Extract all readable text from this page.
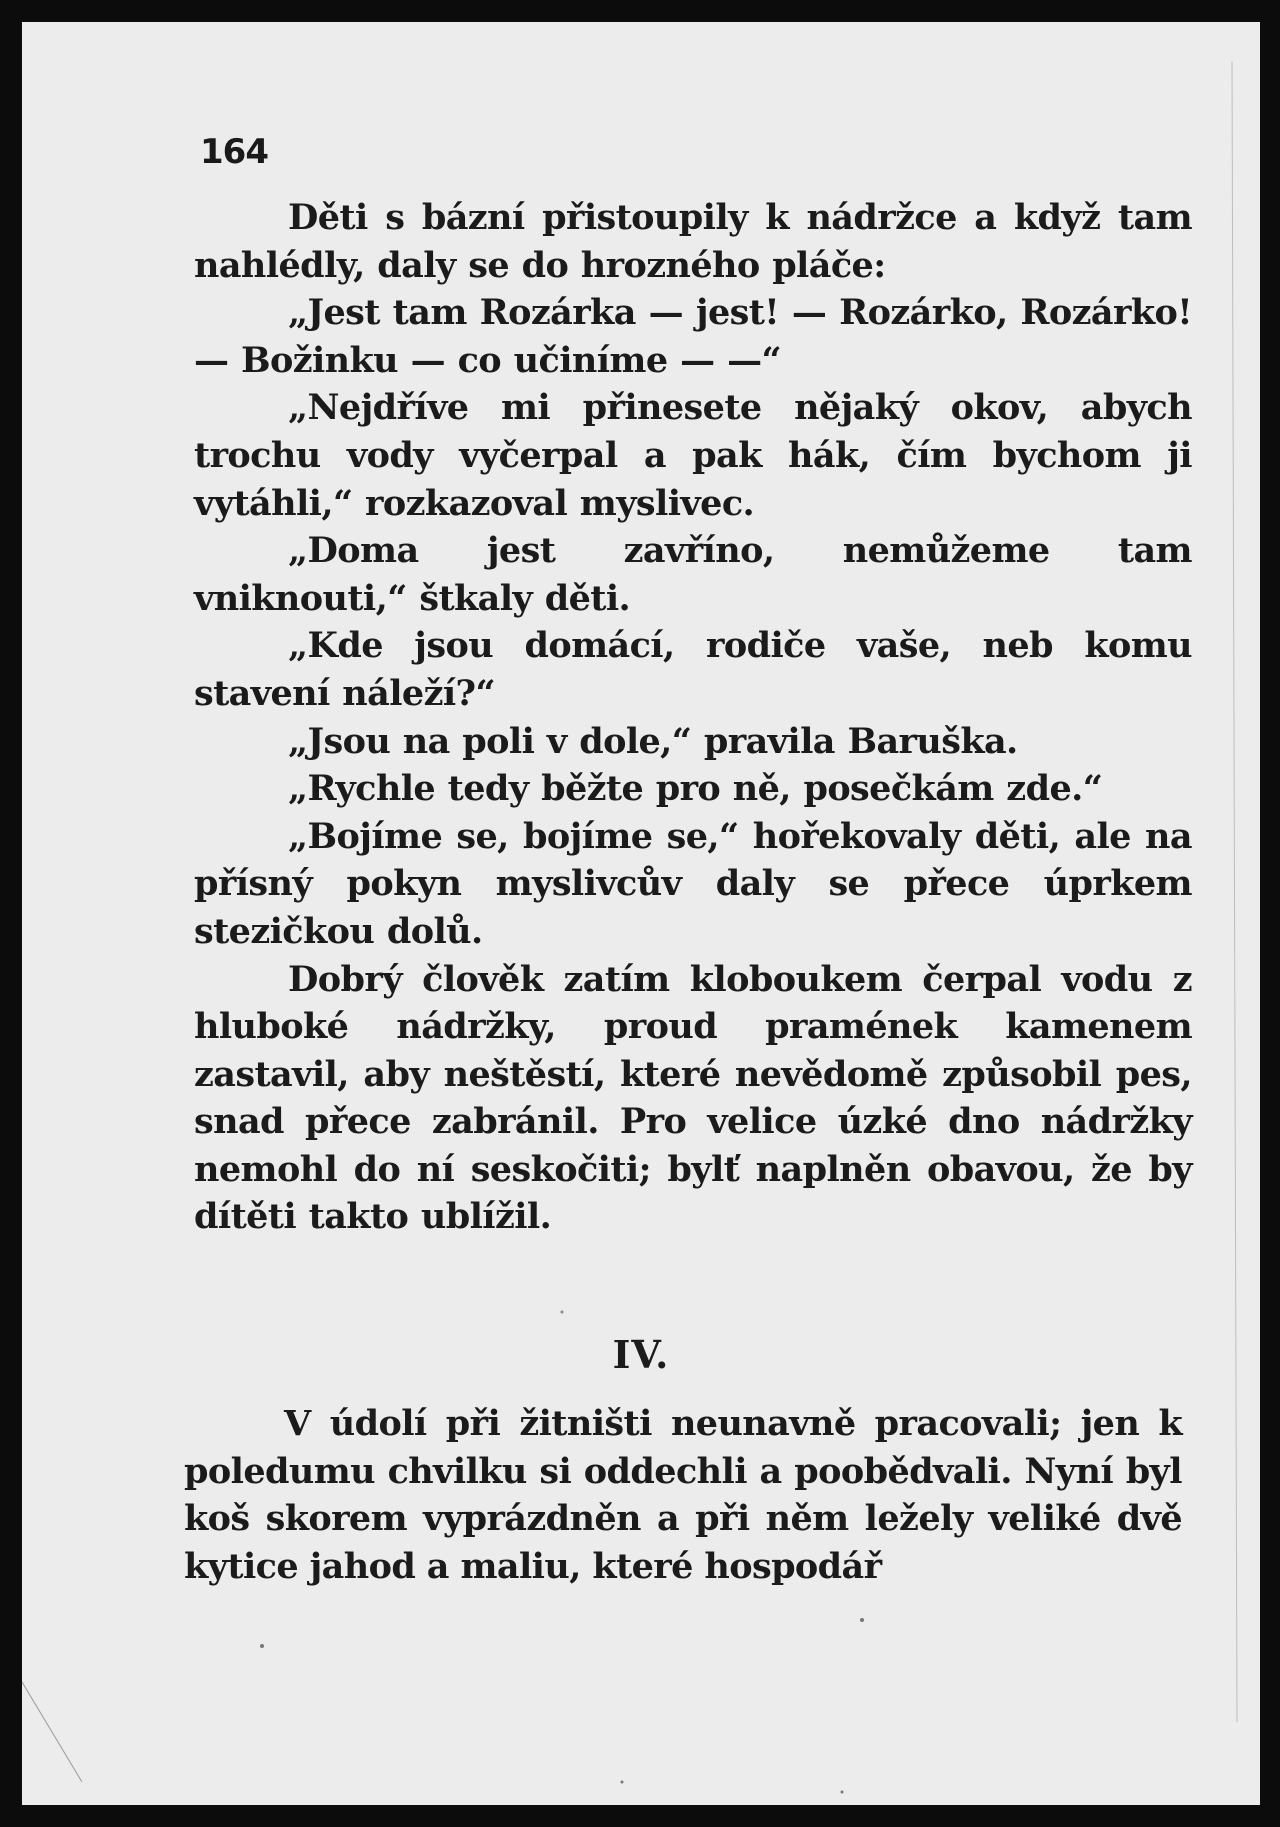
164

Děti s bázní přistoupily k nádržce a když tam nahlédly, daly se do hrozného pláče:

„Jest tam Rozárka — jest! — Rozárko, Rozárko! — Božinku — co učiníme — —“

„Nejdříve mi přinesete nějaký okov, abych trochu vody vyčerpal a pak hák, čím bychom ji vytáhli,“ rozkazoval myslivec.

„Doma jest zavříno, nemůžeme tam vniknouti,“ štkaly děti.

„Kde jsou domácí, rodiče vaše, neb komu stavení náleží?“

„Jsou na poli v dole,“ pravila Baruška.

„Rychle tedy běžte pro ně, posečkám zde.“

„Bojíme se, bojíme se,“ hořekovaly děti, ale na přísný pokyn myslivcův daly se přece úprkem stezičkou dolů.

Dobrý člověk zatím kloboukem čerpal vodu z hluboké nádržky, proud pramének kamenem zastavil, aby neštěstí, které nevědomě způsobil pes, snad přece zabránil. Pro velice úzké dno nádržky nemohl do ní seskočiti; bylť naplněn obavou, že by dítěti takto ublížil.

IV.

V údolí při žitništi neunavně pracovali; jen k poledumu chvilku si oddechli a poobědvali. Nyní byl koš skorem vyprázdněn a při něm ležely veliké dvě kytice jahod a maliu, které hospodář
